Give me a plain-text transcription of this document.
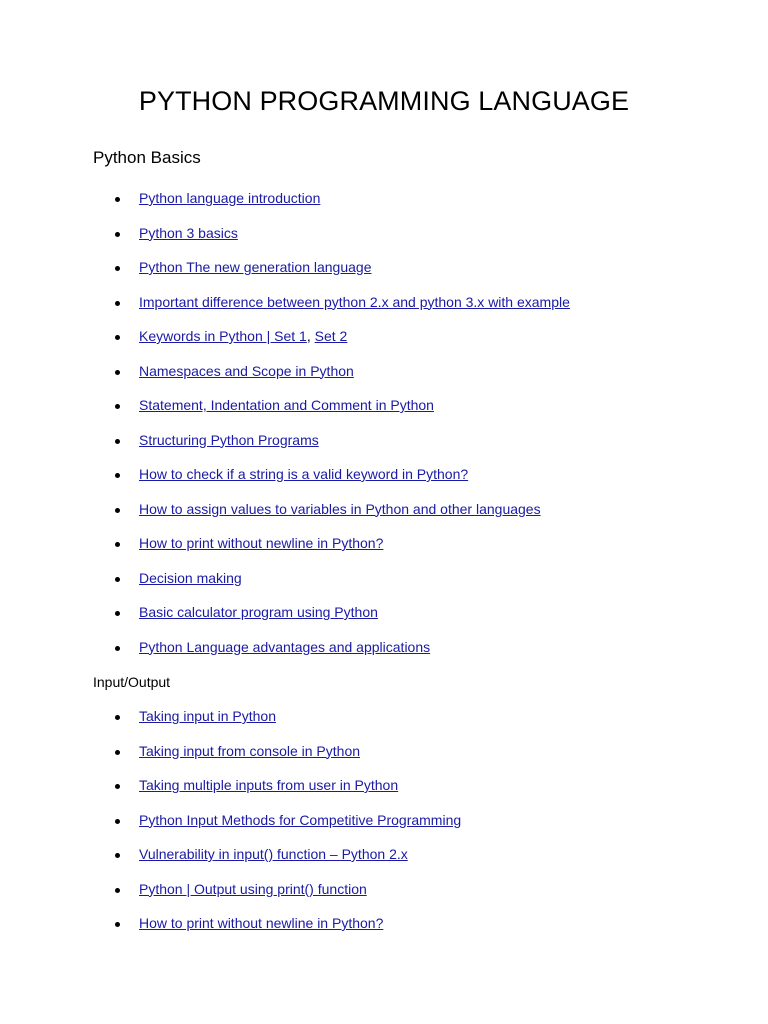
PYTHON PROGRAMMING LANGUAGE
Python Basics
Python language introduction
Python 3 basics
Python The new generation language
Important difference between python 2.x and python 3.x with example
Keywords in Python | Set 1, Set 2
Namespaces and Scope in Python
Statement, Indentation and Comment in Python
Structuring Python Programs
How to check if a string is a valid keyword in Python?
How to assign values to variables in Python and other languages
How to print without newline in Python?
Decision making
Basic calculator program using Python
Python Language advantages and applications
Input/Output
Taking input in Python
Taking input from console in Python
Taking multiple inputs from user in Python
Python Input Methods for Competitive Programming
Vulnerability in input() function – Python 2.x
Python | Output using print() function
How to print without newline in Python?
